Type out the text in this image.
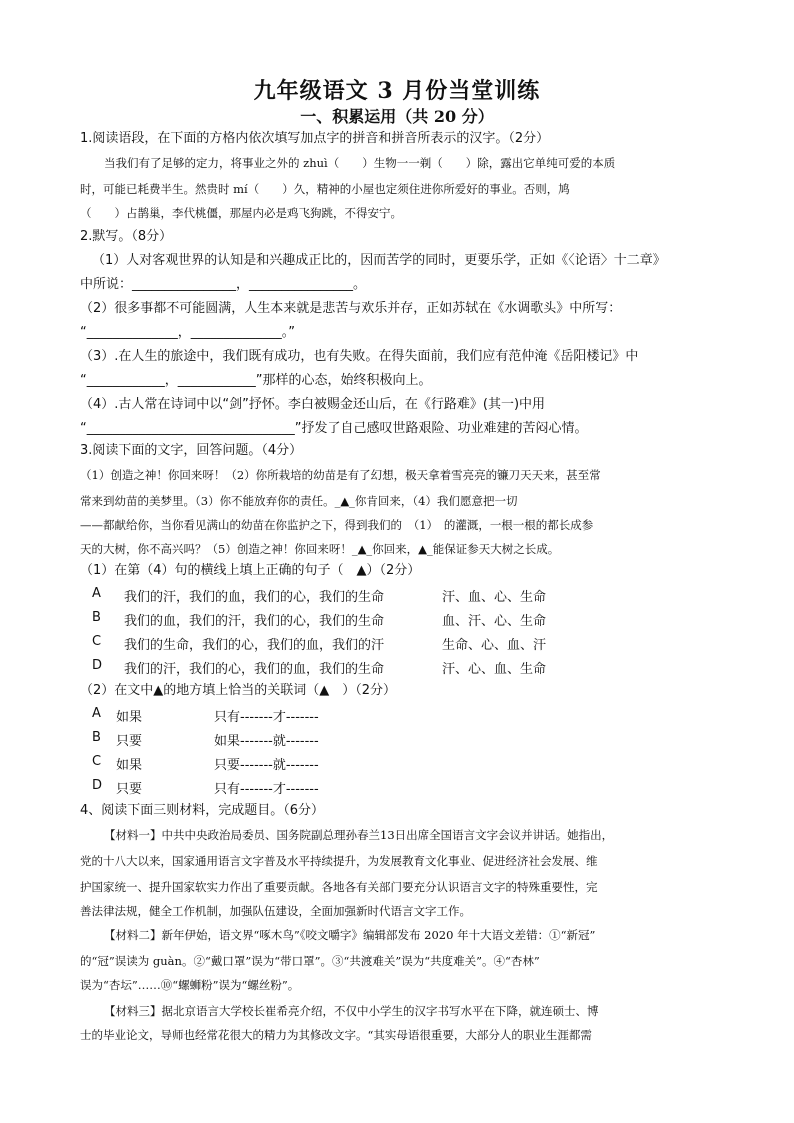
九年级语文 3 月份当堂训练
一、积累运用（共 20 分）
1.阅读语段，在下面的方格内依次填写加点字的拼音和拼音所表示的汉字。（2分）
当我们有了足够的定力，将事业之外的 zhuì（　　）生物一一剃（　　）除，露出它单纯可爱的本质
时，可能已耗费半生。然贵时 mí（　　）久，精神的小屋也定须住进你所爱好的事业。否则，鸠
（　　）占鹊巢，李代桃僵，那屋内必是鸡飞狗跳，不得安宁。
2.默写。（8分）
（1）人对客观世界的认知是和兴趣成正比的，因而苦学的同时，更要乐学，正如《〈论语〉十二章》
中所说：________________，________________。
（2）很多事都不可能圆满，人生本来就是悲苦与欢乐并存，正如苏轼在《水调歌头》中所写：
“______________，______________。”
（3）.在人生的旅途中，我们既有成功，也有失败。在得失面前，我们应有范仲淹《岳阳楼记》中
“____________，____________”那样的心态，始终积极向上。
（4）.古人常在诗词中以“剑”抒怀。李白被赐金还山后，在《行路难》(其一)中用
“________________________________”抒发了自己感叹世路艰险、功业难建的苦闷心情。
3.阅读下面的文字，回答问题。（4分）
（1）创造之神！你回来呀！（2）你所栽培的幼苗是有了幻想，极天拿着雪亮亮的镰刀天天来，甚至常
常来到幼苗的美梦里。（3）你不能放弃你的责任。_▲_你肯回来，（4）我们愿意把一切
——都献给你，当你看见满山的幼苗在你监护之下，得到我们的　（1）　的灌溉，一根一根的都长成参
天的大树，你不高兴吗？（5）创造之神！你回来呀！_▲_你回来，▲_能保证参天大树之长成。
（1）在第（4）句的横线上填上正确的句子（　▲）（2分）
A 我们的汗，我们的血，我们的心，我们的生命	汗、血、心、生命
B 我们的血，我们的汗，我们的心，我们的生命	血、汗、心、生命
C 我们的生命，我们的心，我们的血，我们的汗	生命、心、血、汗
D 我们的汗，我们的心，我们的血，我们的生命	汗、心、血、生命
（2）在文中▲的地方填上恰当的关联词（▲　）（2分）
A 如果	只有-------才-------
B 只要	如果-------就-------
C 如果	只要-------就-------
D 只要	只有-------才-------
4、阅读下面三则材料，完成题目。（6分）
【材料一】中共中央政治局委员、国务院副总理孙春兰13日出席全国语言文字会议并讲话。她指出，
党的十八大以来，国家通用语言文字普及水平持续提升，为发展教育文化事业、促进经济社会发展、维
护国家统一、提升国家软实力作出了重要贡献。各地各有关部门要充分认识语言文字的特殊重要性，完
善法律法规，健全工作机制，加强队伍建设，全面加强新时代语言文字工作。
【材料二】新年伊始，语文界“啄木鸟”《咬文嚼字》编辑部发布 2020 年十大语文差错：①“新冠”
的“冠”误读为 guàn。②“戴口罩”误为“带口罩”。③“共渡难关”误为“共度难关”。④“杏林”
误为“杏坛”……⑩“螺蛳粉”误为“螺丝粉”。
【材料三】据北京语言大学校长崔希亮介绍，不仅中小学生的汉字书写水平在下降，就连硕士、博
士的毕业论文，导师也经常花很大的精力为其修改文字。“其实母语很重要，大部分人的职业生涯都需
